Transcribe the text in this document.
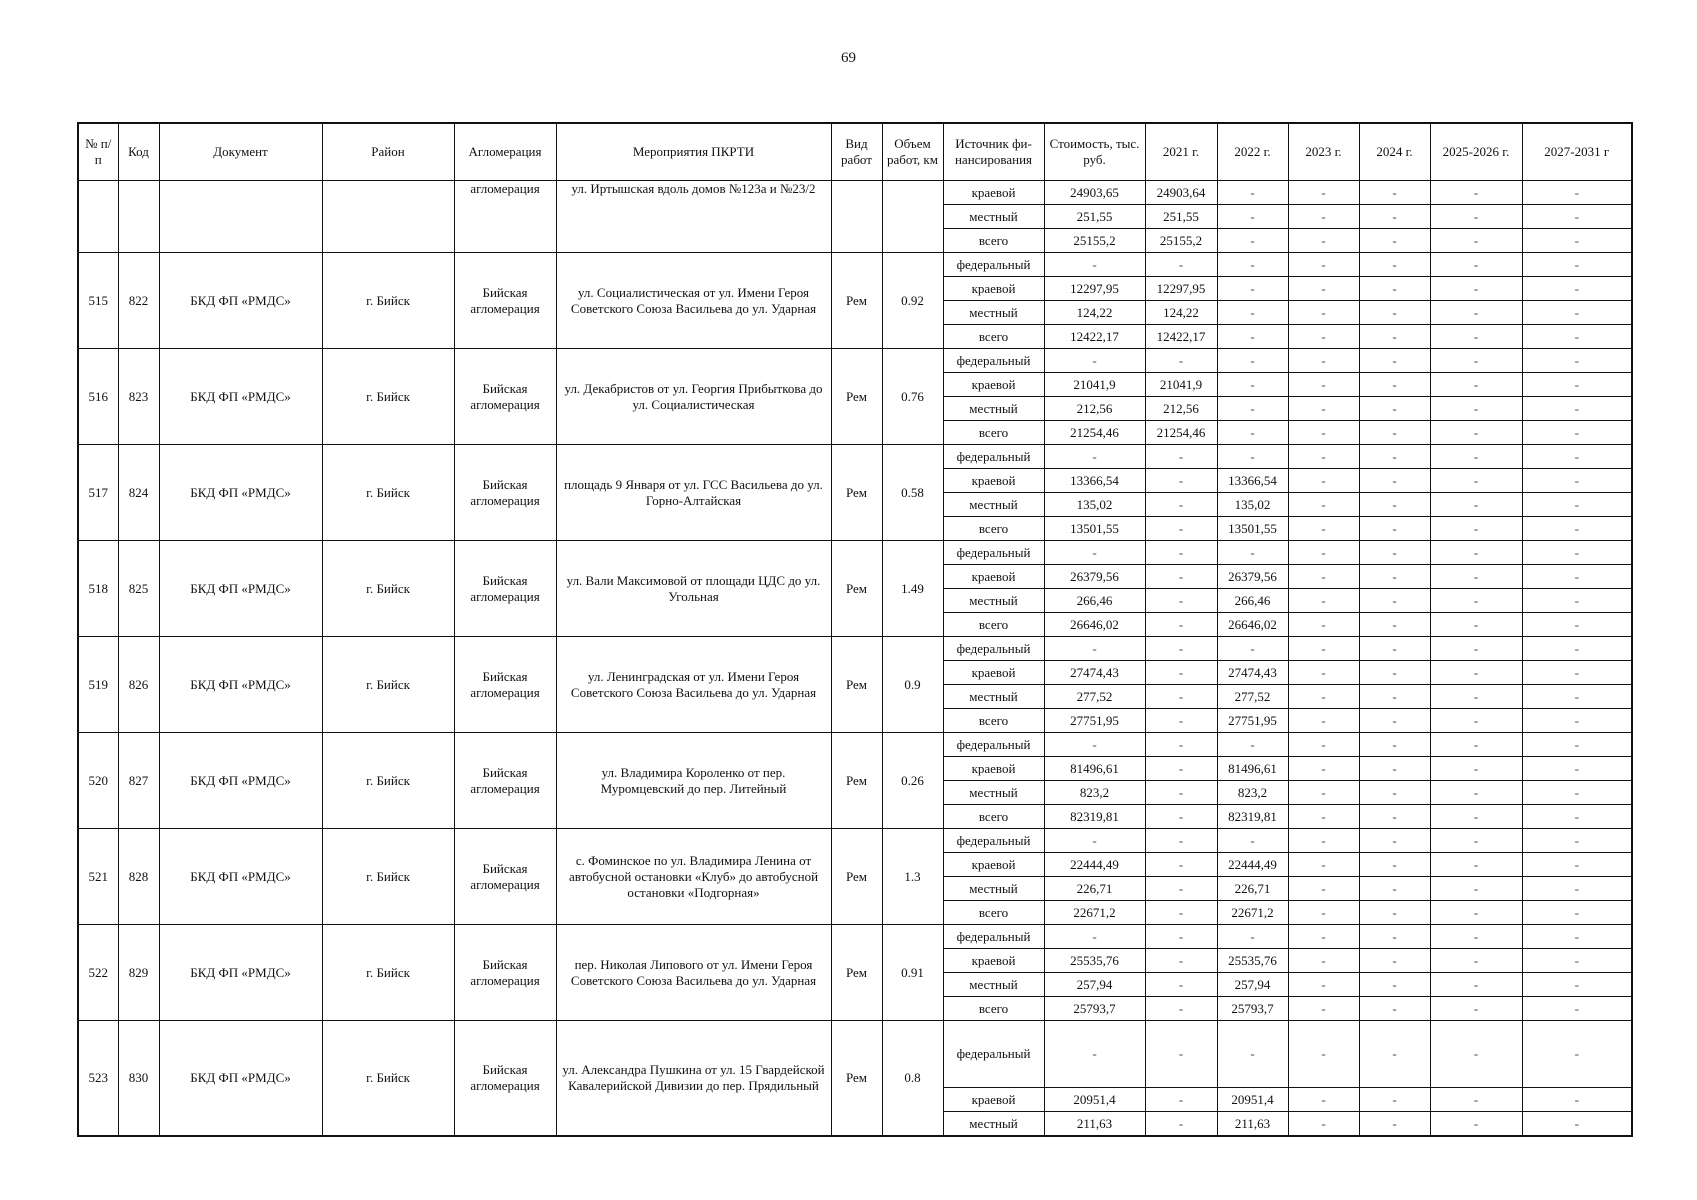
69
№ п/п	Код	Документ	Район	Агломерация	Мероприятия ПКРТИ	Вид работ	Объем работ, км	Источник фи-нансирования	Стоимость, тыс. руб.	2021 г.	2022 г.	2023 г.	2024 г.	2025-2026 г.	2027-2031 г
				агломерация	ул. Иртышская вдоль домов №123а и №23/2			краевой	24903,65	24903,64	-	-	-	-	-
								местный	251,55	251,55	-	-	-	-	-
								всего	25155,2	25155,2	-	-	-	-	-
515	822	БКД ФП «РМДС»	г. Бийск	Бийская агломерация	ул. Социалистическая от ул. Имени Героя Советского Союза Васильева до ул. Ударная	Рем	0.92	федеральный	-	-	-	-	-	-	-
								краевой	12297,95	12297,95	-	-	-	-	-
								местный	124,22	124,22	-	-	-	-	-
								всего	12422,17	12422,17	-	-	-	-	-
516	823	БКД ФП «РМДС»	г. Бийск	Бийская агломерация	ул. Декабристов от ул. Георгия Прибыткова до ул. Социалистическая	Рем	0.76	федеральный	-	-	-	-	-	-	-
								краевой	21041,9	21041,9	-	-	-	-	-
								местный	212,56	212,56	-	-	-	-	-
								всего	21254,46	21254,46	-	-	-	-	-
517	824	БКД ФП «РМДС»	г. Бийск	Бийская агломерация	площадь 9 Января от ул. ГСС Васильева до ул. Горно-Алтайская	Рем	0.58	федеральный	-	-	-	-	-	-	-
								краевой	13366,54	-	13366,54	-	-	-	-
								местный	135,02	-	135,02	-	-	-	-
								всего	13501,55	-	13501,55	-	-	-	-
518	825	БКД ФП «РМДС»	г. Бийск	Бийская агломерация	ул. Вали Максимовой от площади ЦДС до ул. Угольная	Рем	1.49	федеральный	-	-	-	-	-	-	-
								краевой	26379,56	-	26379,56	-	-	-	-
								местный	266,46	-	266,46	-	-	-	-
								всего	26646,02	-	26646,02	-	-	-	-
519	826	БКД ФП «РМДС»	г. Бийск	Бийская агломерация	ул. Ленинградская от ул. Имени Героя Советского Союза Васильева до ул. Ударная	Рем	0.9	федеральный	-	-	-	-	-	-	-
								краевой	27474,43	-	27474,43	-	-	-	-
								местный	277,52	-	277,52	-	-	-	-
								всего	27751,95	-	27751,95	-	-	-	-
520	827	БКД ФП «РМДС»	г. Бийск	Бийская агломерация	ул. Владимира Короленко от пер. Муромцевский до пер. Литейный	Рем	0.26	федеральный	-	-	-	-	-	-	-
								краевой	81496,61	-	81496,61	-	-	-	-
								местный	823,2	-	823,2	-	-	-	-
								всего	82319,81	-	82319,81	-	-	-	-
521	828	БКД ФП «РМДС»	г. Бийск	Бийская агломерация	с. Фоминское по ул. Владимира Ленина от автобусной остановки «Клуб» до автобусной остановки «Подгорная»	Рем	1.3	федеральный	-	-	-	-	-	-	-
								краевой	22444,49	-	22444,49	-	-	-	-
								местный	226,71	-	226,71	-	-	-	-
								всего	22671,2	-	22671,2	-	-	-	-
522	829	БКД ФП «РМДС»	г. Бийск	Бийская агломерация	пер. Николая Липового от ул. Имени Героя Советского Союза Васильева до ул. Ударная	Рем	0.91	федеральный	-	-	-	-	-	-	-
								краевой	25535,76	-	25535,76	-	-	-	-
								местный	257,94	-	257,94	-	-	-	-
								всего	25793,7	-	25793,7	-	-	-	-
523	830	БКД ФП «РМДС»	г. Бийск	Бийская агломерация	ул. Александра Пушкина от ул. 15 Гвардейской Кавалерийской Дивизии до пер. Прядильный	Рем	0.8	федеральный	-	-	-	-	-	-	-
								краевой	20951,4	-	20951,4	-	-	-	-
								местный	211,63	-	211,63	-	-	-	-
